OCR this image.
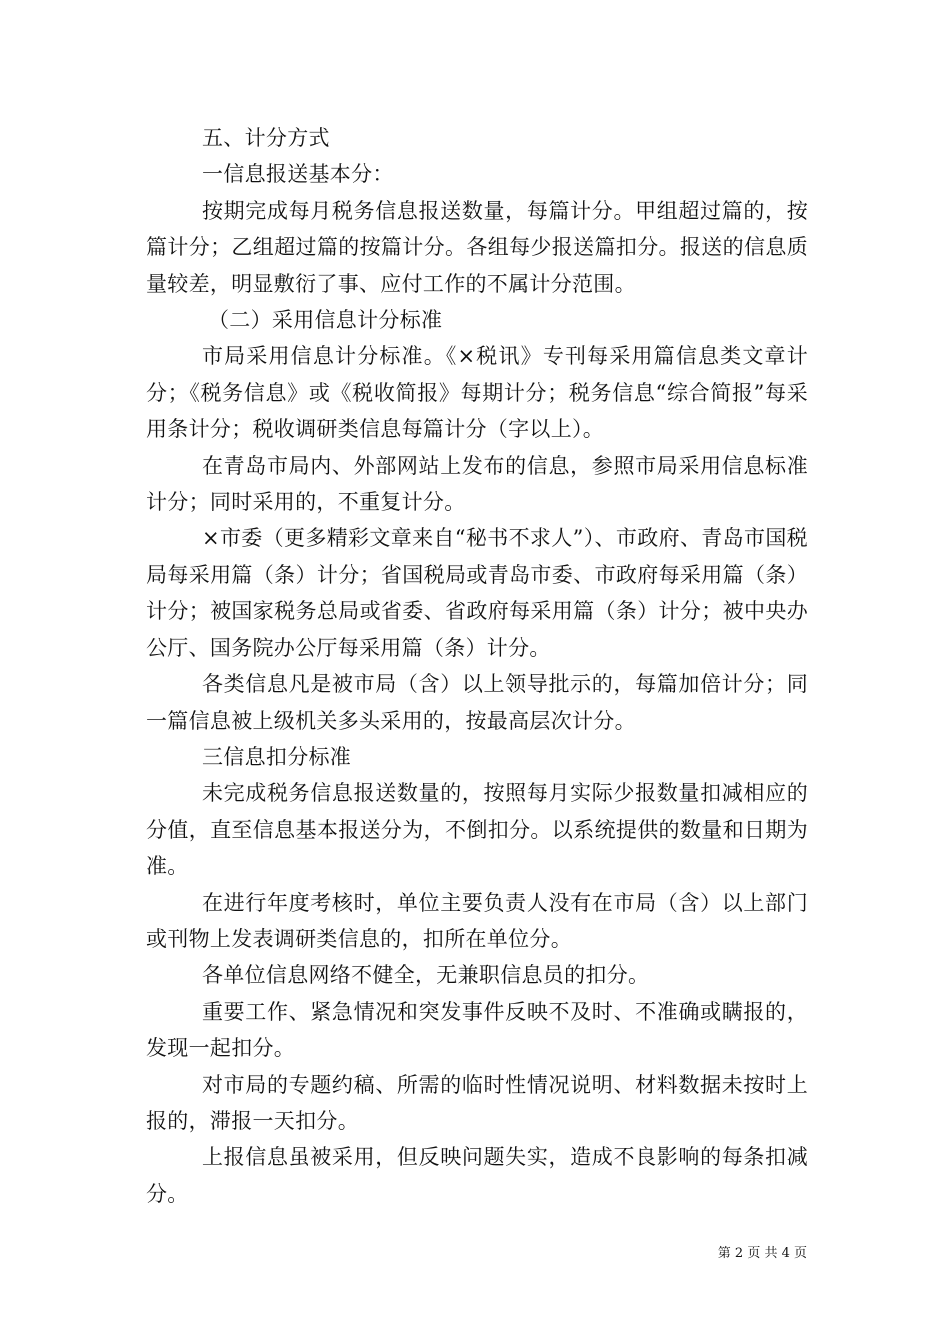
五、计分方式

一信息报送基本分：

按期完成每月税务信息报送数量，每篇计分。甲组超过篇的，按篇计分；乙组超过篇的按篇计分。各组每少报送篇扣分。报送的信息质量较差，明显敷衍了事、应付工作的不属计分范围。

（二）采用信息计分标准

市局采用信息计分标准。《×税讯》专刊每采用篇信息类文章计分；《税务信息》或《税收简报》每期计分；税务信息“综合简报”每采用条计分；税收调研类信息每篇计分（字以上）。

在青岛市局内、外部网站上发布的信息，参照市局采用信息标准计分；同时采用的，不重复计分。

×市委（更多精彩文章来自“秘书不求人”）、市政府、青岛市国税局每采用篇（条）计分；省国税局或青岛市委、市政府每采用篇（条）计分；被国家税务总局或省委、省政府每采用篇（条）计分；被中央办公厅、国务院办公厅每采用篇（条）计分。

各类信息凡是被市局（含）以上领导批示的，每篇加倍计分；同一篇信息被上级机关多头采用的，按最高层次计分。

三信息扣分标准

未完成税务信息报送数量的，按照每月实际少报数量扣减相应的分值，直至信息基本报送分为，不倒扣分。以系统提供的数量和日期为准。

在进行年度考核时，单位主要负责人没有在市局（含）以上部门或刊物上发表调研类信息的，扣所在单位分。

各单位信息网络不健全，无兼职信息员的扣分。

重要工作、紧急情况和突发事件反映不及时、不准确或瞒报的，发现一起扣分。

对市局的专题约稿、所需的临时性情况说明、材料数据未按时上报的，滞报一天扣分。

上报信息虽被采用，但反映问题失实，造成不良影响的每条扣减分。

第 2 页 共 4 页
